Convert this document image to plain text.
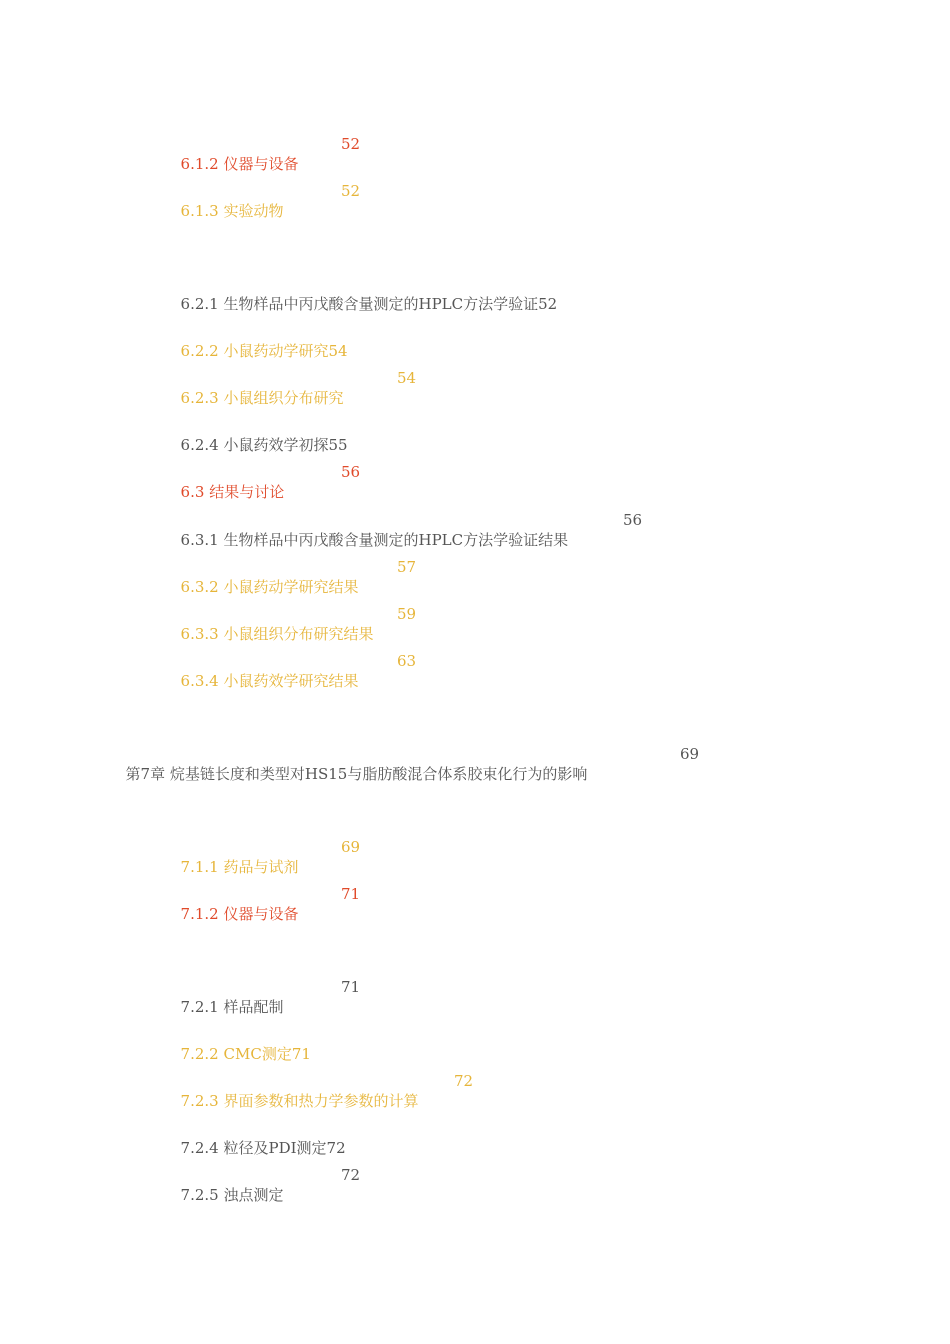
6.1.2 仪器与设备
52

6.1.3 实验动物
52

6.2.1 生物样品中丙戊酸含量测定的HPLC方法学验证52

6.2.2 小鼠药动学研究54

6.2.3 小鼠组织分布研究
54

6.2.4 小鼠药效学初探55

6.3 结果与讨论
56

6.3.1 生物样品中丙戊酸含量测定的HPLC方法学验证结果
56

6.3.2 小鼠药动学研究结果
57

6.3.3 小鼠组织分布研究结果
59

6.3.4 小鼠药效学研究结果
63

第7章 烷基链长度和类型对HS15与脂肪酸混合体系胶束化行为的影响
69

7.1.1 药品与试剂
69

7.1.2 仪器与设备
71

7.2.1 样品配制
71

7.2.2 CMC测定71

7.2.3 界面参数和热力学参数的计算
72

7.2.4 粒径及PDI测定72

7.2.5 浊点测定
72
